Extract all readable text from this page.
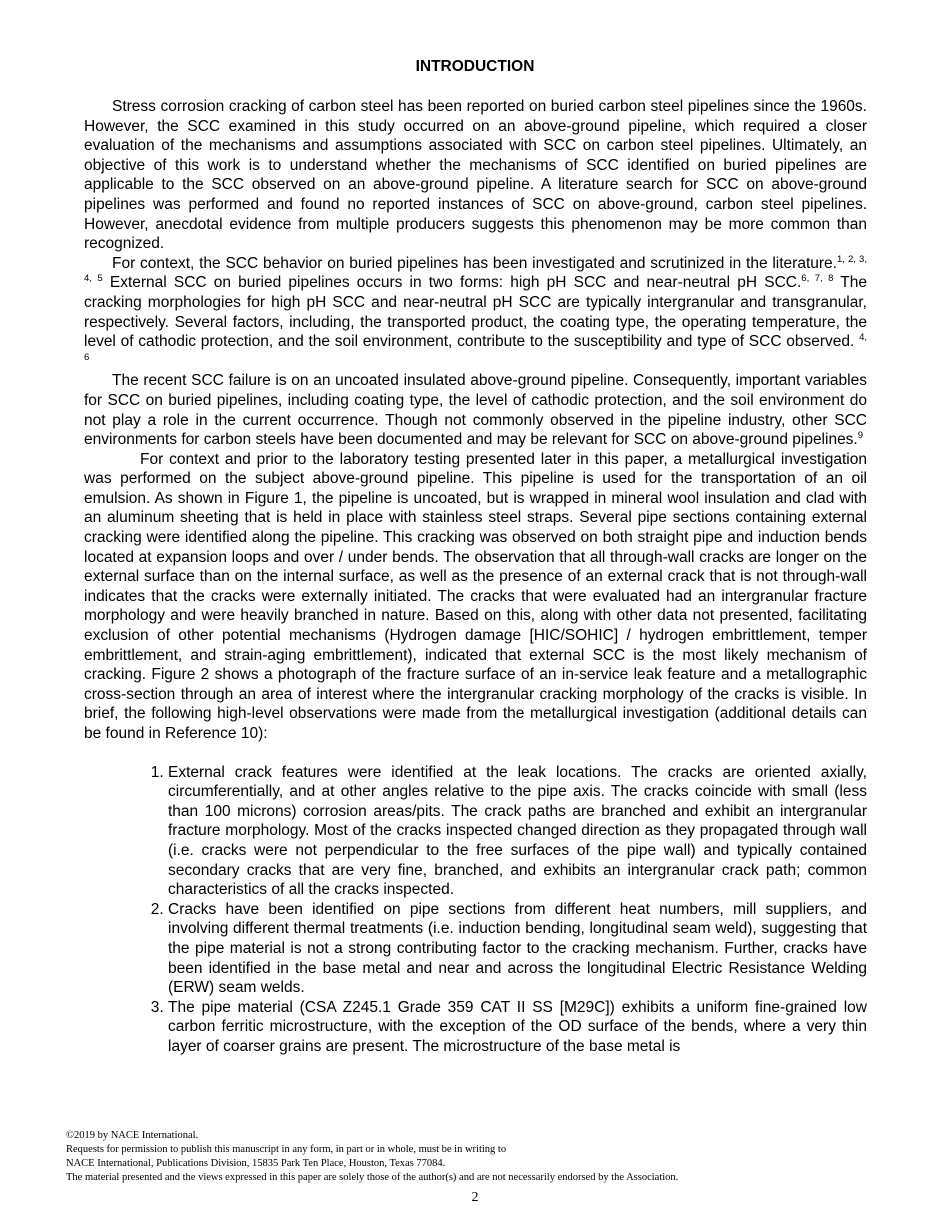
INTRODUCTION

Stress corrosion cracking of carbon steel has been reported on buried carbon steel pipelines since the 1960s. However, the SCC examined in this study occurred on an above-ground pipeline, which required a closer evaluation of the mechanisms and assumptions associated with SCC on carbon steel pipelines. Ultimately, an objective of this work is to understand whether the mechanisms of SCC identified on buried pipelines are applicable to the SCC observed on an above-ground pipeline. A literature search for SCC on above-ground pipelines was performed and found no reported instances of SCC on above-ground, carbon steel pipelines. However, anecdotal evidence from multiple producers suggests this phenomenon may be more common than recognized.

For context, the SCC behavior on buried pipelines has been investigated and scrutinized in the literature.$^{1, 2, 3, 4, 5}$ External SCC on buried pipelines occurs in two forms: high pH SCC and near-neutral pH SCC.$^{6, 7, 8}$ The cracking morphologies for high pH SCC and near-neutral pH SCC are typically intergranular and transgranular, respectively. Several factors, including, the transported product, the coating type, the operating temperature, the level of cathodic protection, and the soil environment, contribute to the susceptibility and type of SCC observed. $^{4, 6}$

The recent SCC failure is on an uncoated insulated above-ground pipeline. Consequently, important variables for SCC on buried pipelines, including coating type, the level of cathodic protection, and the soil environment do not play a role in the current occurrence. Though not commonly observed in the pipeline industry, other SCC environments for carbon steels have been documented and may be relevant for SCC on above-ground pipelines.$^9$

For context and prior to the laboratory testing presented later in this paper, a metallurgical investigation was performed on the subject above-ground pipeline. This pipeline is used for the transportation of an oil emulsion. As shown in Figure 1, the pipeline is uncoated, but is wrapped in mineral wool insulation and clad with an aluminum sheeting that is held in place with stainless steel straps. Several pipe sections containing external cracking were identified along the pipeline. This cracking was observed on both straight pipe and induction bends located at expansion loops and over / under bends. The observation that all through-wall cracks are longer on the external surface than on the internal surface, as well as the presence of an external crack that is not through-wall indicates that the cracks were externally initiated. The cracks that were evaluated had an intergranular fracture morphology and were heavily branched in nature. Based on this, along with other data not presented, facilitating exclusion of other potential mechanisms (Hydrogen damage [HIC/SOHIC] / hydrogen embrittlement, temper embrittlement, and strain-aging embrittlement), indicated that external SCC is the most likely mechanism of cracking. Figure 2 shows a photograph of the fracture surface of an in-service leak feature and a metallographic cross-section through an area of interest where the intergranular cracking morphology of the cracks is visible. In brief, the following high-level observations were made from the metallurgical investigation (additional details can be found in Reference 10):

1. External crack features were identified at the leak locations. The cracks are oriented axially, circumferentially, and at other angles relative to the pipe axis. The cracks coincide with small (less than 100 microns) corrosion areas/pits. The crack paths are branched and exhibit an intergranular fracture morphology. Most of the cracks inspected changed direction as they propagated through wall (i.e. cracks were not perpendicular to the free surfaces of the pipe wall) and typically contained secondary cracks that are very fine, branched, and exhibits an intergranular crack path; common characteristics of all the cracks inspected.
2. Cracks have been identified on pipe sections from different heat numbers, mill suppliers, and involving different thermal treatments (i.e. induction bending, longitudinal seam weld), suggesting that the pipe material is not a strong contributing factor to the cracking mechanism. Further, cracks have been identified in the base metal and near and across the longitudinal Electric Resistance Welding (ERW) seam welds.
3. The pipe material (CSA Z245.1 Grade 359 CAT II SS [M29C]) exhibits a uniform fine-grained low carbon ferritic microstructure, with the exception of the OD surface of the bends, where a very thin layer of coarser grains are present. The microstructure of the base metal is
©2019 by NACE International.
Requests for permission to publish this manuscript in any form, in part or in whole, must be in writing to
NACE International, Publications Division, 15835 Park Ten Place, Houston, Texas 77084.
The material presented and the views expressed in this paper are solely those of the author(s) and are not necessarily endorsed by the Association.
2
